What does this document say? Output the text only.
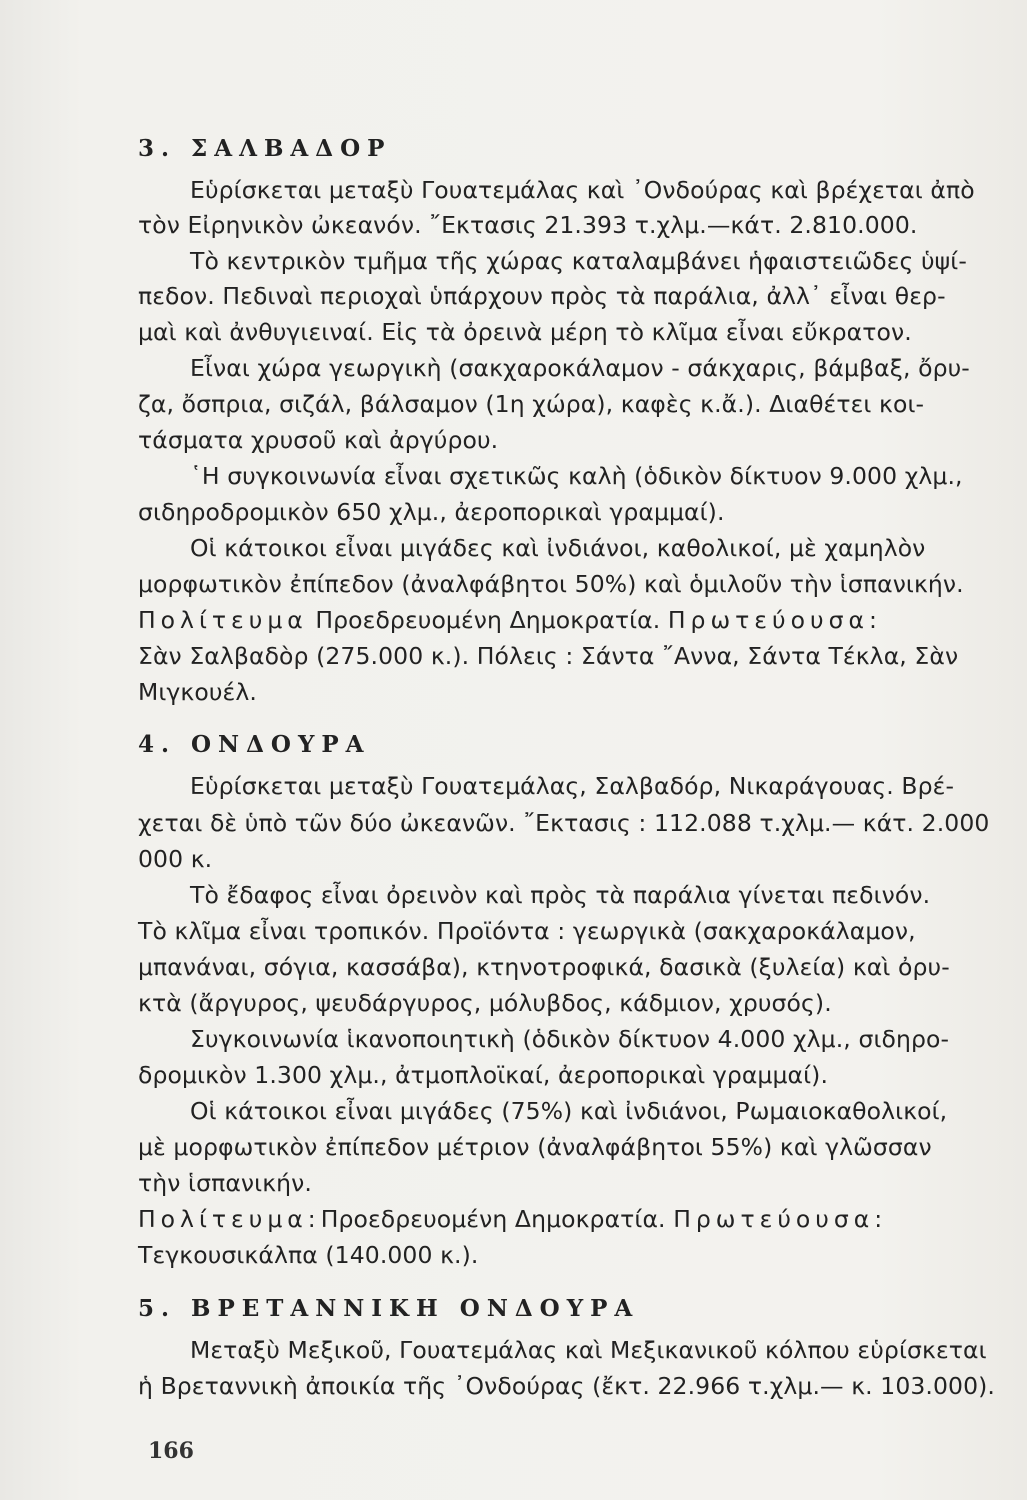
3. ΣΑΛΒΑΔΟΡ
Εὑρίσκεται μεταξὺ Γουατεμάλας καὶ ᾿Ονδούρας καὶ βρέχεται ἀπὸ
τὸν Εἰρηνικὸν ὠκεανόν. ῎Εκτασις 21.393 τ.χλμ.—κάτ. 2.810.000.
Τὸ κεντρικὸν τμῆμα τῆς χώρας καταλαμβάνει ἡφαιστειῶδες ὑψί-
πεδον. Πεδιναὶ περιοχαὶ ὑπάρχουν πρὸς τὰ παράλια, ἀλλ᾿ εἶναι θερ-
μαὶ καὶ ἀνθυγιειναί. Εἰς τὰ ὀρεινὰ μέρη τὸ κλῖμα εἶναι εὔκρατον.
Εἶναι χώρα γεωργικὴ (σακχαροκάλαμον - σάκχαρις, βάμβαξ, ὄρυ-
ζα, ὄσπρια, σιζάλ, βάλσαμον (1η χώρα), καφὲς κ.ἄ.). Διαθέτει κοι-
τάσματα χρυσοῦ καὶ ἀργύρου.
῾Η συγκοινωνία εἶναι σχετικῶς καλὴ (ὁδικὸν δίκτυον 9.000 χλμ.,
σιδηροδρομικὸν 650 χλμ., ἀεροπορικαὶ γραμμαί).
Οἱ κάτοικοι εἶναι μιγάδες καὶ ἰνδιάνοι, καθολικοί, μὲ χαμηλὸν
μορφωτικὸν ἐπίπεδον (ἀναλφάβητοι 50%) καὶ ὁμιλοῦν τὴν ἱσπανικήν.
Πολίτευμα Προεδρευομένη Δημοκρατία. Πρωτεύουσα:
Σὰν Σαλβαδὸρ (275.000 κ.). Πόλεις : Σάντα ῎Αννα, Σάντα Τέκλα, Σὰν
Μιγκουέλ.
4. ΟΝΔΟΥΡΑ
Εὑρίσκεται μεταξὺ Γουατεμάλας, Σαλβαδόρ, Νικαράγουας. Βρέ-
χεται δὲ ὑπὸ τῶν δύο ὠκεανῶν. ῎Εκτασις : 112.088 τ.χλμ.— κάτ. 2.000
000 κ.
Τὸ ἔδαφος εἶναι ὀρεινὸν καὶ πρὸς τὰ παράλια γίνεται πεδινόν.
Τὸ κλῖμα εἶναι τροπικόν. Προϊόντα : γεωργικὰ (σακχαροκάλαμον,
μπανάναι, σόγια, κασσάβα), κτηνοτροφικά, δασικὰ (ξυλεία) καὶ ὀρυ-
κτὰ (ἄργυρος, ψευδάργυρος, μόλυβδος, κάδμιον, χρυσός).
Συγκοινωνία ἱκανοποιητικὴ (ὁδικὸν δίκτυον 4.000 χλμ., σιδηρο-
δρομικὸν 1.300 χλμ., ἀτμοπλοϊκαί, ἀεροπορικαὶ γραμμαί).
Οἱ κάτοικοι εἶναι μιγάδες (75%) καὶ ἰνδιάνοι, Ρωμαιοκαθολικοί,
μὲ μορφωτικὸν ἐπίπεδον μέτριον (ἀναλφάβητοι 55%) καὶ γλῶσσαν
τὴν ἱσπανικήν.
Πολίτευμα:Προεδρευομένη Δημοκρατία. Πρωτεύουσα:
Τεγκουσικάλπα (140.000 κ.).
5. ΒΡΕΤΑΝΝΙΚΗ ΟΝΔΟΥΡΑ
Μεταξὺ Μεξικοῦ, Γουατεμάλας καὶ Μεξικανικοῦ κόλπου εὑρίσκεται
ἡ Βρεταννικὴ ἀποικία τῆς ᾿Ονδούρας (ἔκτ. 22.966 τ.χλμ.— κ. 103.000).
166
